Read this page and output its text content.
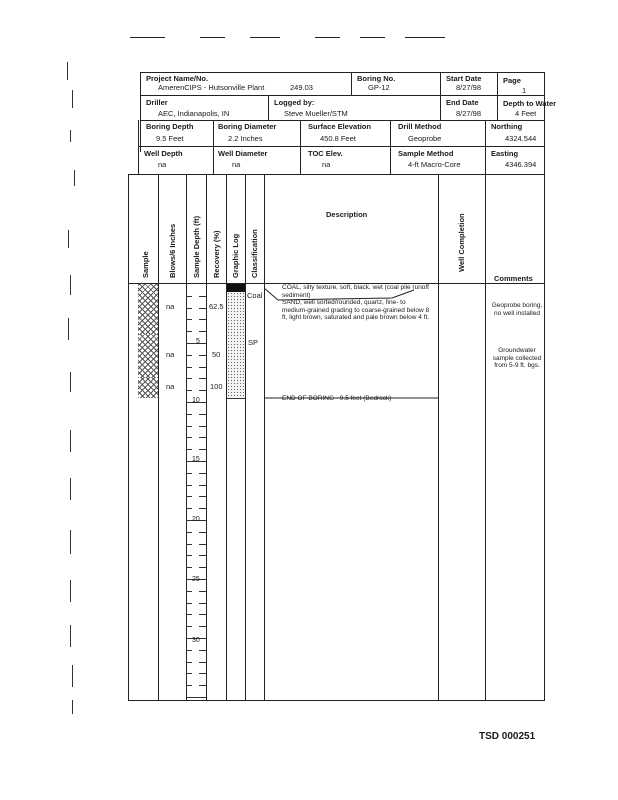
Project Name/No.
AmerenCIPS - Hutsonville Plant	249.03
Boring No.
GP-12
Start Date
8/27/98
Page
1
Driller
AEC, Indianapolis, IN
Logged by:
Steve Mueller/STM
End Date
8/27/98
Depth to Water
4 Feet
Boring Depth
9.5 Feet
Boring Diameter
2.2 Inches
Surface Elevation
450.8 Feet
Drill Method
Geoprobe
Northing
4324.544
Well Depth
na
Well Diameter
na
TOC Elev.
na
Sample Method
4-ft Macro-Core
Easting
4346.394
Sample Blows/6 Inches Sample Depth (ft) Recovery (%) Graphic Log Classification
Description	Well Completion
Comments
na
na
na
62.5
50
100
5
10
15
20
25
30
Coal
SP
COAL, silty texture, soft, black, wet (coal pile runoff sediment)
SAND, well sorted/rounded, quartz, fine- to medium-grained grading to coarse-grained below 8 ft, light brown, saturated and pale brown below 4 ft.
END OF BORING - 9.5 feet (Bedrock)
Geoprobe boring, no well installed
Groundwater sample collected from 5-9 ft. bgs.
TSD 000251
